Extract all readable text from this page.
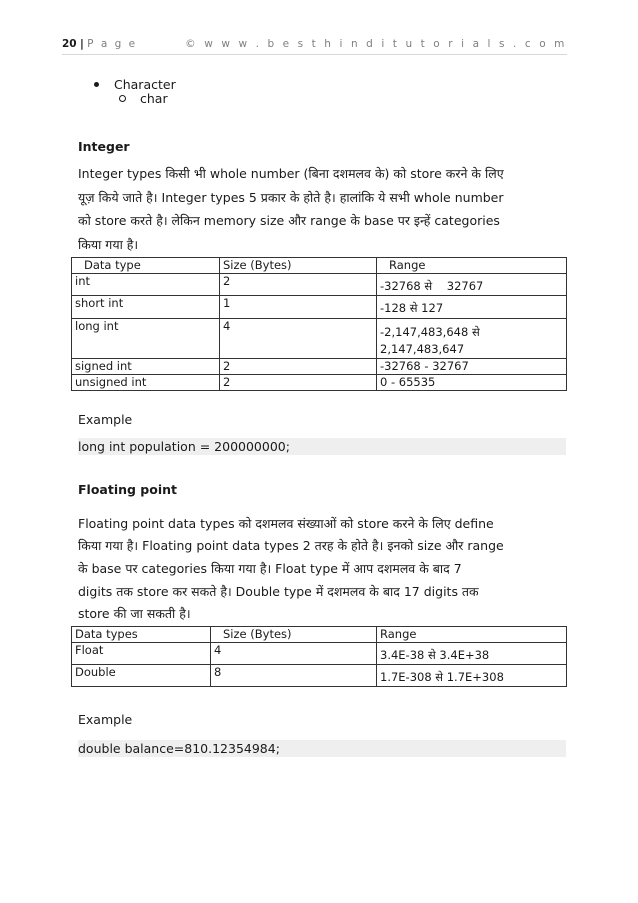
20 | P a g e	© w w w . b e s t h i n d i t u t o r i a l s . c o m
Character
char
Integer
Integer types किसी भी whole number (बिना दशमलव के) को store करने के लिए
यूज़ किये जाते है। Integer types 5 प्रकार के होते है। हालांकि ये सभी whole number
को store करते है। लेकिन memory size और range के base पर इन्हें categories
किया गया है।
Data type	Size (Bytes)	Range
int	2	-32768 से    32767
short int	1	-128 से 127
long int	4	-2,147,483,648 से
2,147,483,647

signed int	2	-32768 - 32767
unsigned int	2	0 - 65535
Example
long int population = 200000000;
Floating point
Floating point data types को दशमलव संख्याओं को store करने के लिए define
किया गया है। Floating point data types 2 तरह के होते है। इनको size और range
के base पर categories किया गया है। Float type में आप दशमलव के बाद 7
digits तक store कर सकते है। Double type में दशमलव के बाद 17 digits तक
store की जा सकती है।
Data types	Size (Bytes)	Range
Float	4	3.4E-38 से 3.4E+38
Double	8	1.7E-308 से 1.7E+308
Example
double balance=810.12354984;
